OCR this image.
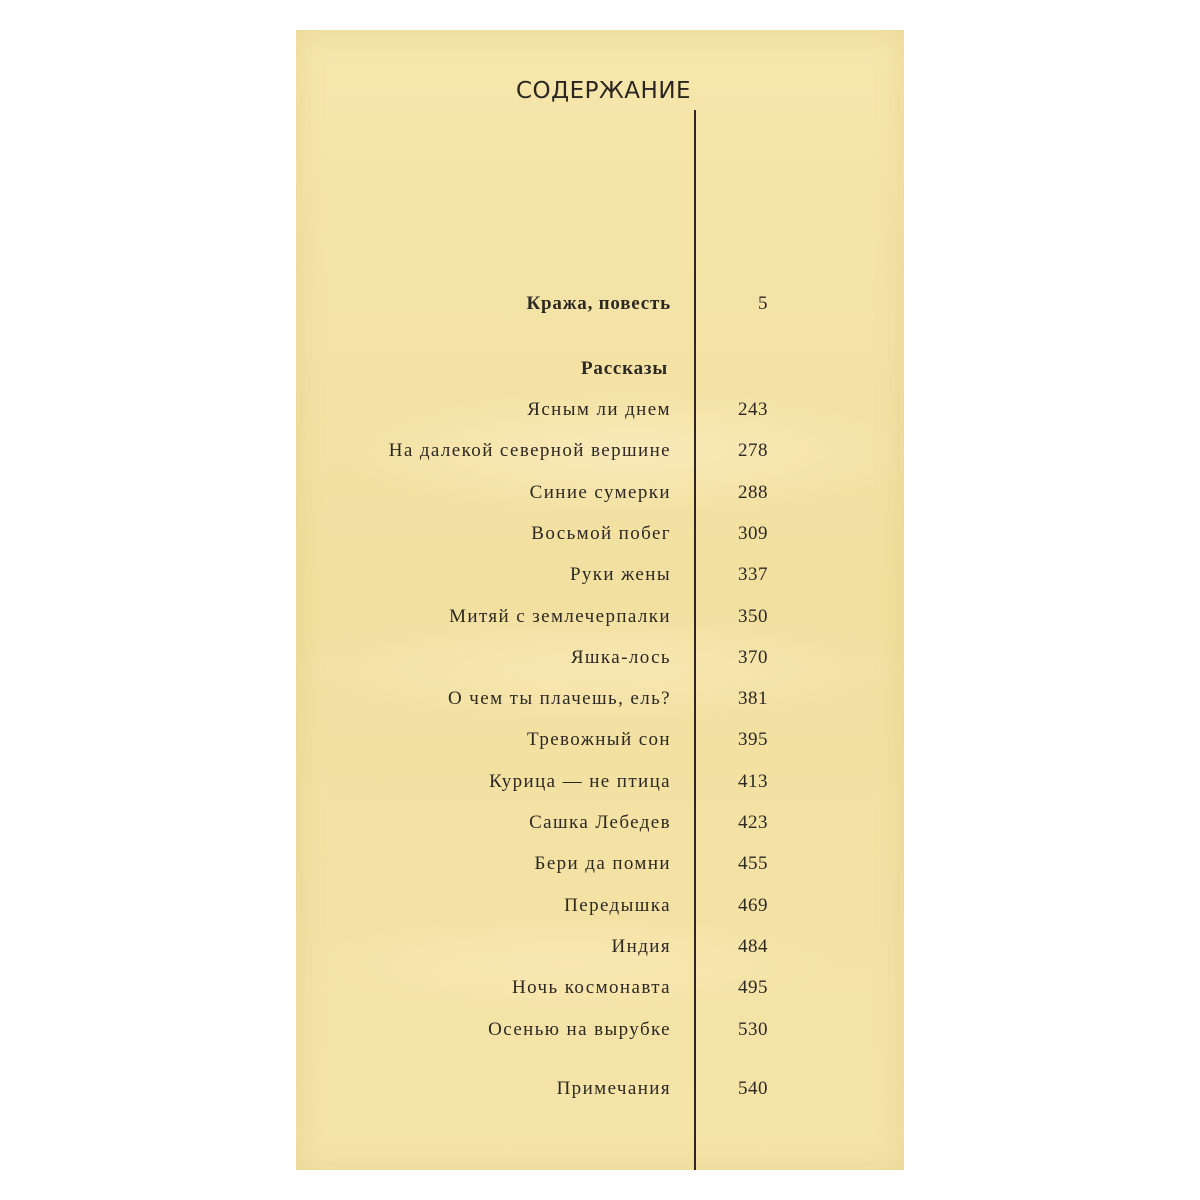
СОДЕРЖАНИЕ
Кража, повесть	5
Рассказы
Ясным ли днем	243
На далекой северной вершине	278
Синие сумерки	288
Восьмой побег	309
Руки жены	337
Митяй с землечерпалки	350
Яшка-лось	370
О чем ты плачешь, ель?	381
Тревожный сон	395
Курица — не птица	413
Сашка Лебедев	423
Бери да помни	455
Передышка	469
Индия	484
Ночь космонавта	495
Осенью на вырубке	530
Примечания	540
